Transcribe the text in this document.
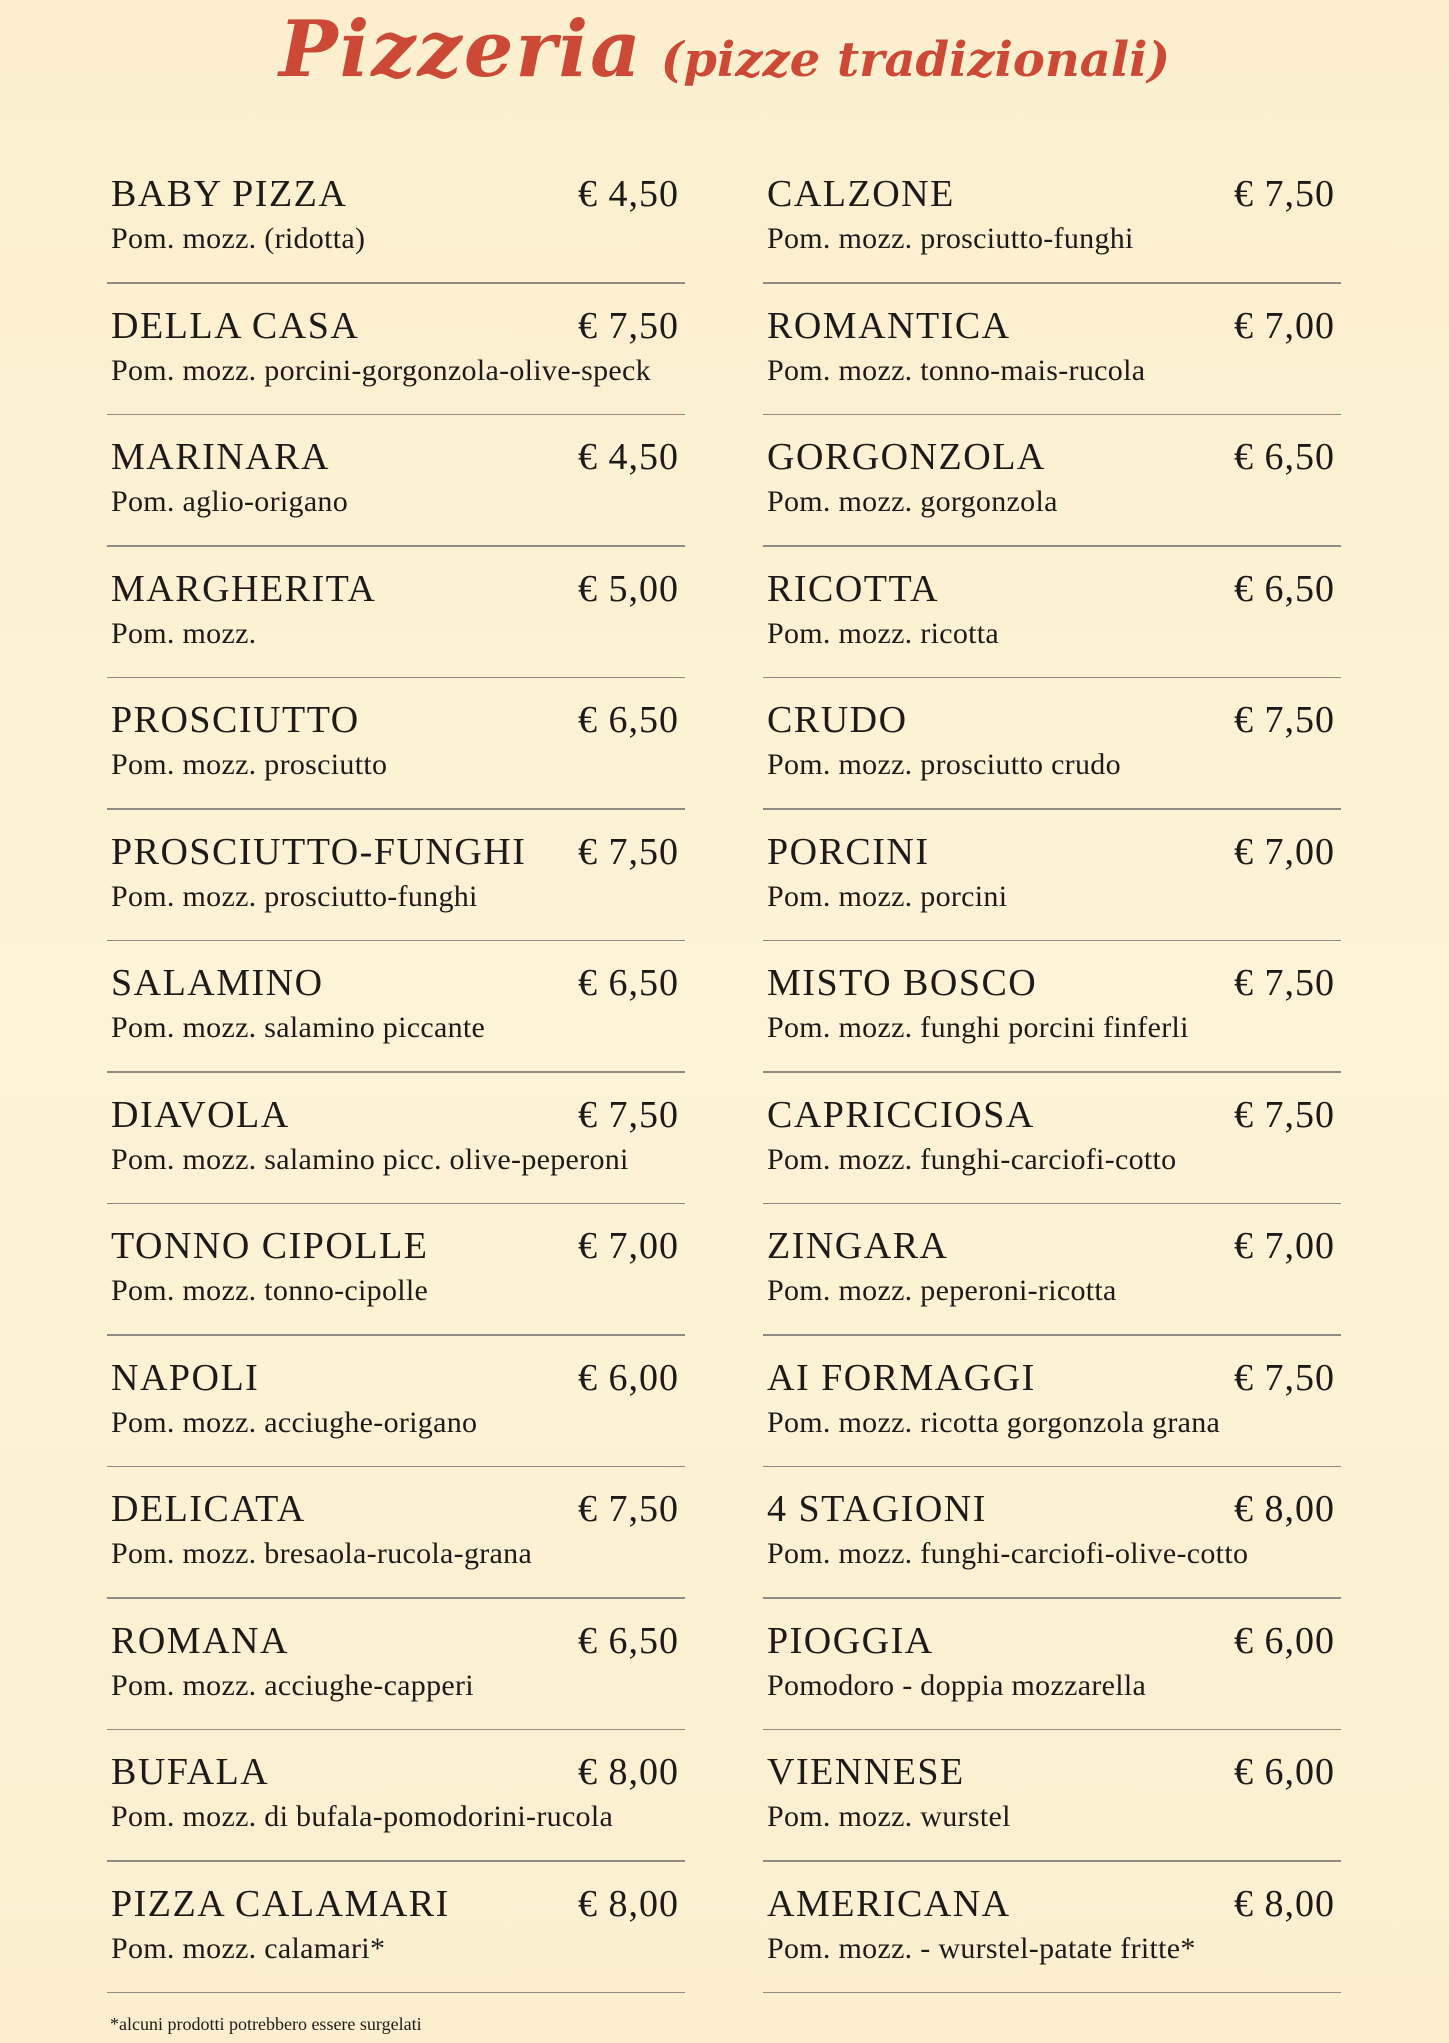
Pizzeria (pizze tradizionali)
BABY PIZZA	€ 4,50
Pom. mozz. (ridotta)
DELLA CASA	€ 7,50
Pom. mozz. porcini-gorgonzola-olive-speck
MARINARA	€ 4,50
Pom. aglio-origano
MARGHERITA	€ 5,00
Pom. mozz.
PROSCIUTTO	€ 6,50
Pom. mozz. prosciutto
PROSCIUTTO-FUNGHI € 7,50
Pom. mozz. prosciutto-funghi
SALAMINO	€ 6,50
Pom. mozz. salamino piccante
DIAVOLA	€ 7,50
Pom. mozz. salamino picc. olive-peperoni
TONNO CIPOLLE	€ 7,00
Pom. mozz. tonno-cipolle
NAPOLI	€ 6,00
Pom. mozz. acciughe-origano
DELICATA	€ 7,50
Pom. mozz. bresaola-rucola-grana
ROMANA	€ 6,50
Pom. mozz. acciughe-capperi
BUFALA	€ 8,00
Pom. mozz. di bufala-pomodorini-rucola
PIZZA CALAMARI	€ 8,00
Pom. mozz. calamari*
CALZONE	€ 7,50
Pom. mozz. prosciutto-funghi
ROMANTICA	€ 7,00
Pom. mozz. tonno-mais-rucola
GORGONZOLA	€ 6,50
Pom. mozz. gorgonzola
RICOTTA	€ 6,50
Pom. mozz. ricotta
CRUDO	€ 7,50
Pom. mozz. prosciutto crudo
PORCINI	€ 7,00
Pom. mozz. porcini
MISTO BOSCO	€ 7,50
Pom. mozz. funghi porcini finferli
CAPRICCIOSA	€ 7,50
Pom. mozz. funghi-carciofi-cotto
ZINGARA	€ 7,00
Pom. mozz. peperoni-ricotta
AI FORMAGGI	€ 7,50
Pom. mozz. ricotta gorgonzola grana
4 STAGIONI	€ 8,00
Pom. mozz. funghi-carciofi-olive-cotto
PIOGGIA	€ 6,00
Pomodoro - doppia mozzarella
VIENNESE	€ 6,00
Pom. mozz. wurstel
AMERICANA	€ 8,00
Pom. mozz. - wurstel-patate fritte*
*alcuni prodotti potrebbero essere surgelati
